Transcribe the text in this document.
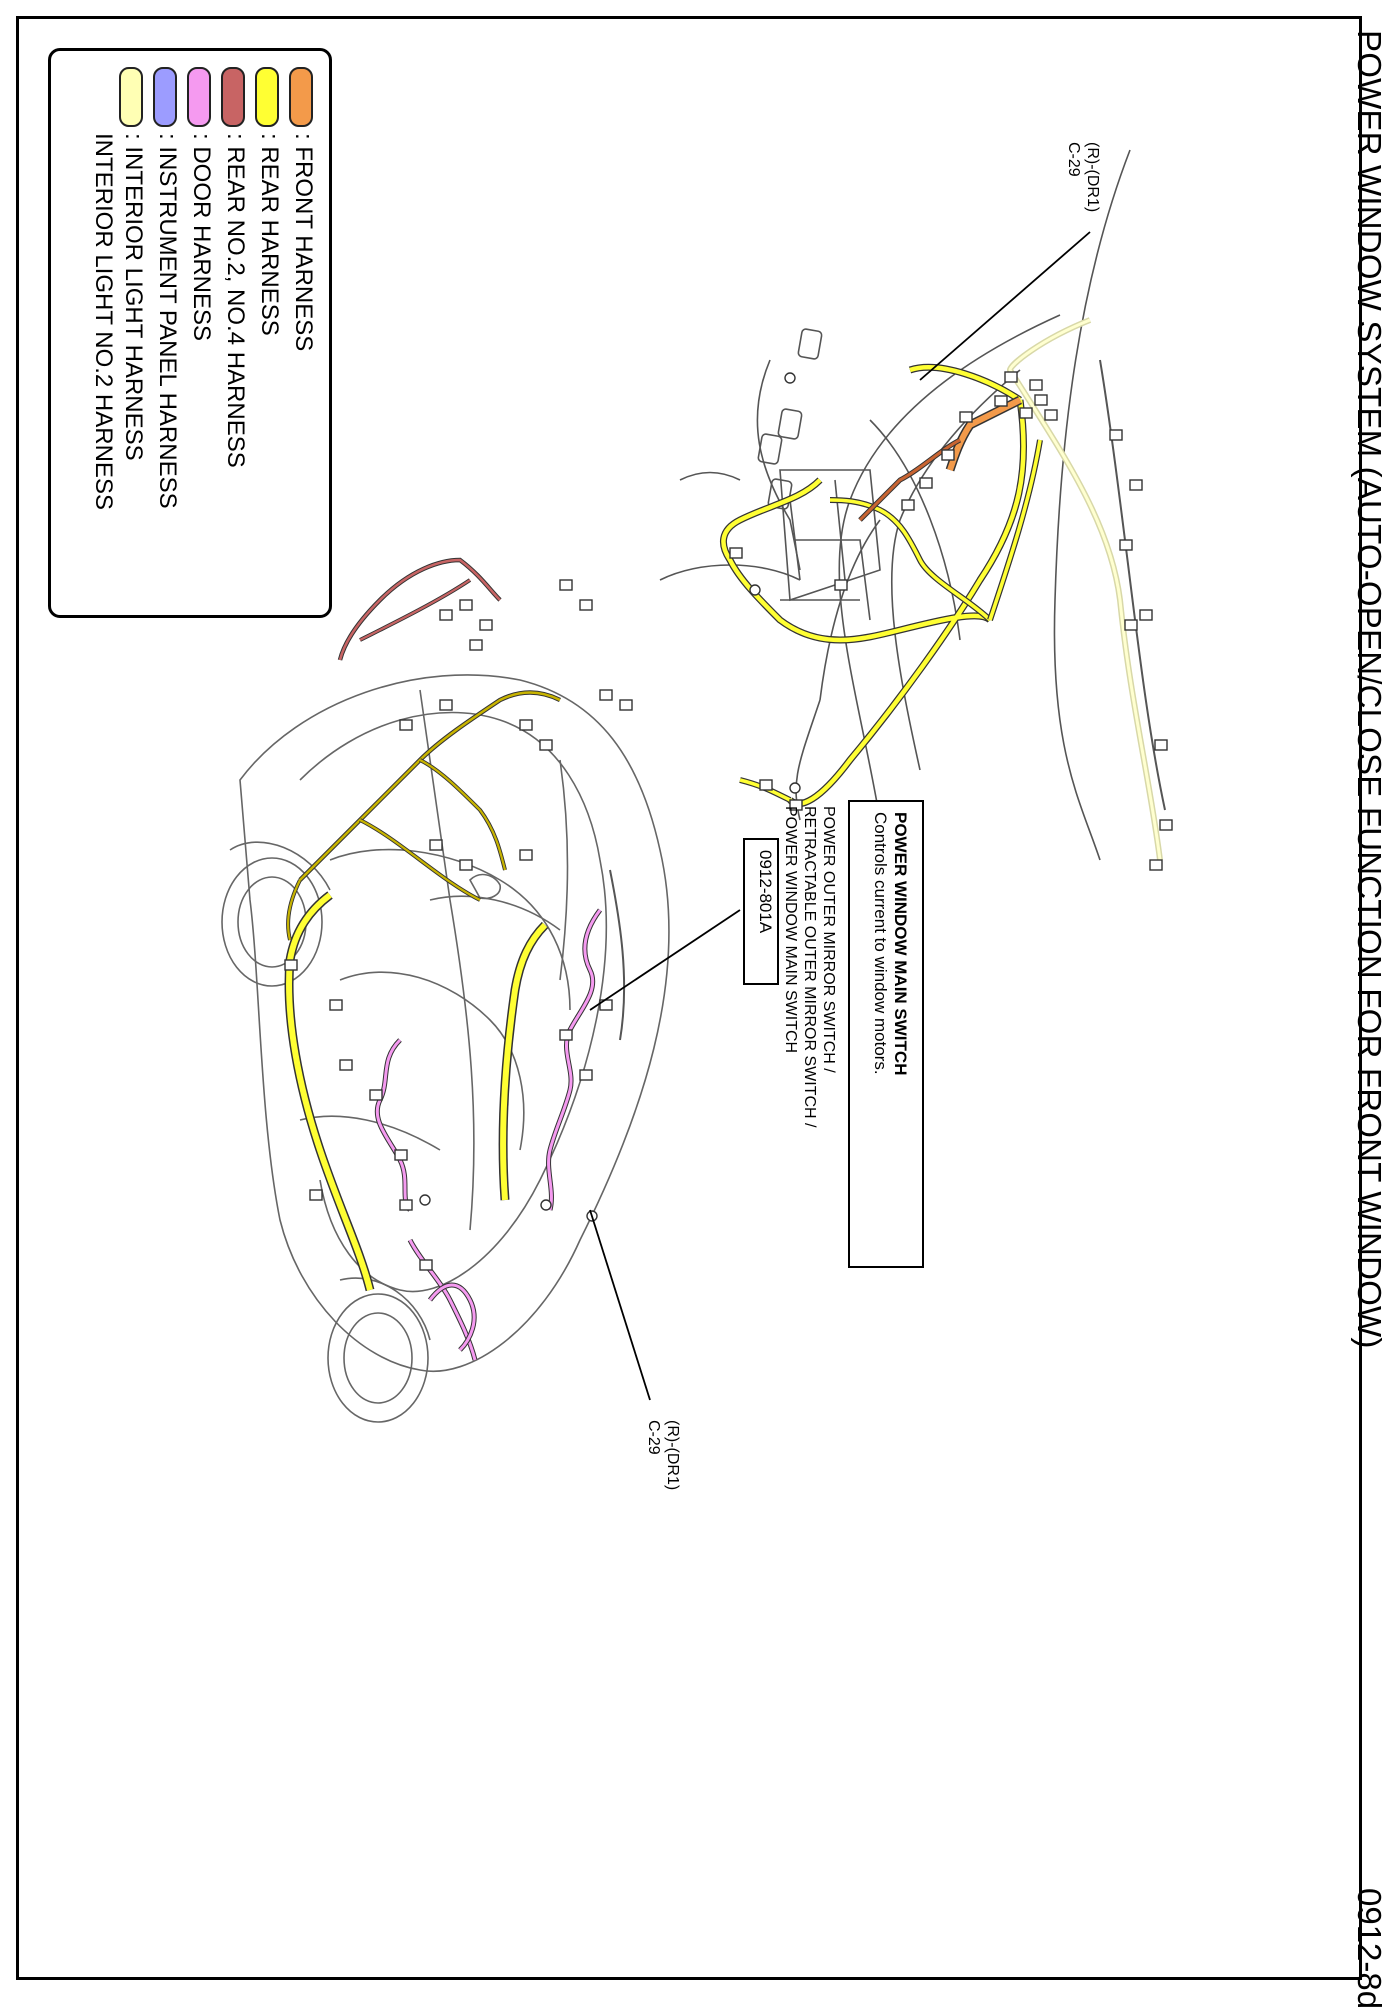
POWER WINDOW SYSTEM (AUTO-OPEN/CLOSE FUNCTION FOR FRONT WINDOW)
0912-8d
: FRONT HARNESS
: REAR HARNESS
: REAR NO.2, NO.4 HARNESS
: DOOR HARNESS
: INSTRUMENT PANEL HARNESS
: INTERIOR LIGHT HARNESS
INTERIOR LIGHT NO.2 HARNESS	(R)-(DR1)
C-29
(R)-(DR1)
C-29
POWER WINDOW MAIN SWITCH
Controls current to window motors.
POWER OUTER MIRROR SWITCH /
RETRACTABLE OUTER MIRROR SWITCH /
POWER WINDOW MAIN SWITCH
0912-801A
